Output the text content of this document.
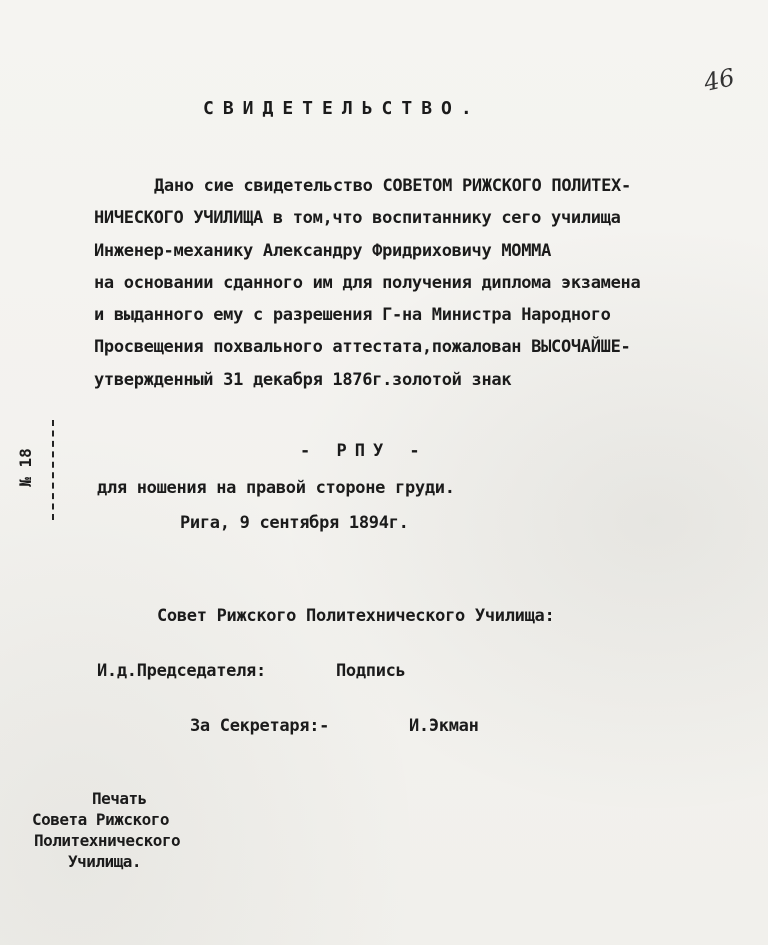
46
СВИДЕТЕЛЬСТВО.
Дано сие свидетельство СОВЕТОМ РИЖСКОГО ПОЛИТЕХ-
НИЧЕСКОГО УЧИЛИЩА в том,что воспитаннику сего училища
Инженер-механику Александру Фридриховичу МОММА
на основании сданного им для получения диплома экзамена
и выданного ему с разрешения Г-на Министра Народного
Просвещения похвального аттестата,пожалован ВЫСОЧАЙШЕ-
утвержденный 31 декабря 1876г.золотой знак
- РПУ -
для ношения на правой стороне груди.
Рига, 9 сентября 1894г.
№ 18
Совет Рижского Политехнического Училища:
И.д.Председателя:	Подпись
За Секретаря:-	И.Экман
Печать
Совета Рижского
Политехнического
Училища.
